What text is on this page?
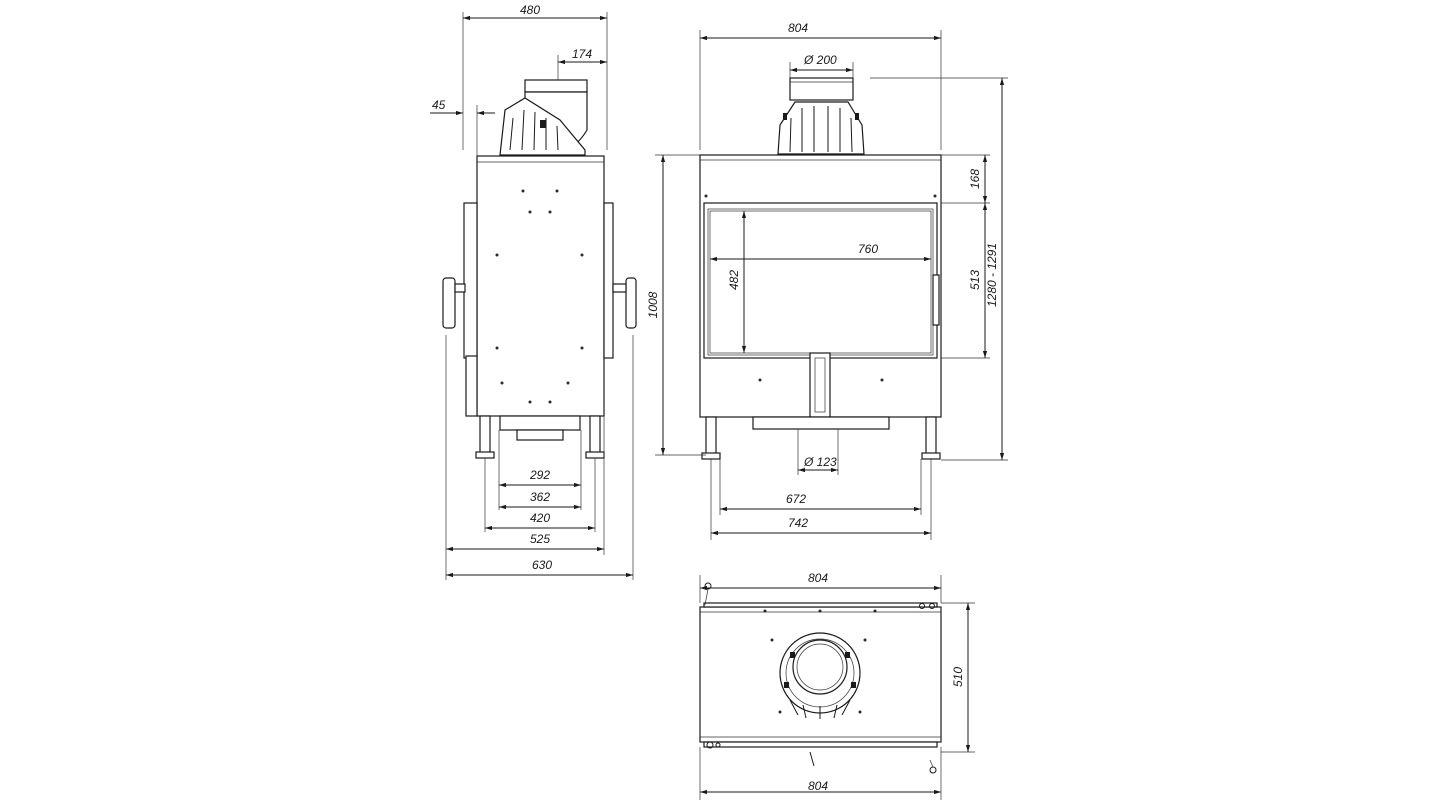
480
174
45
292
362
420
525
630
804
Ø 200
1008
760
482
168
513 1280 - 1291
Ø 123
672
742
804
510
804
